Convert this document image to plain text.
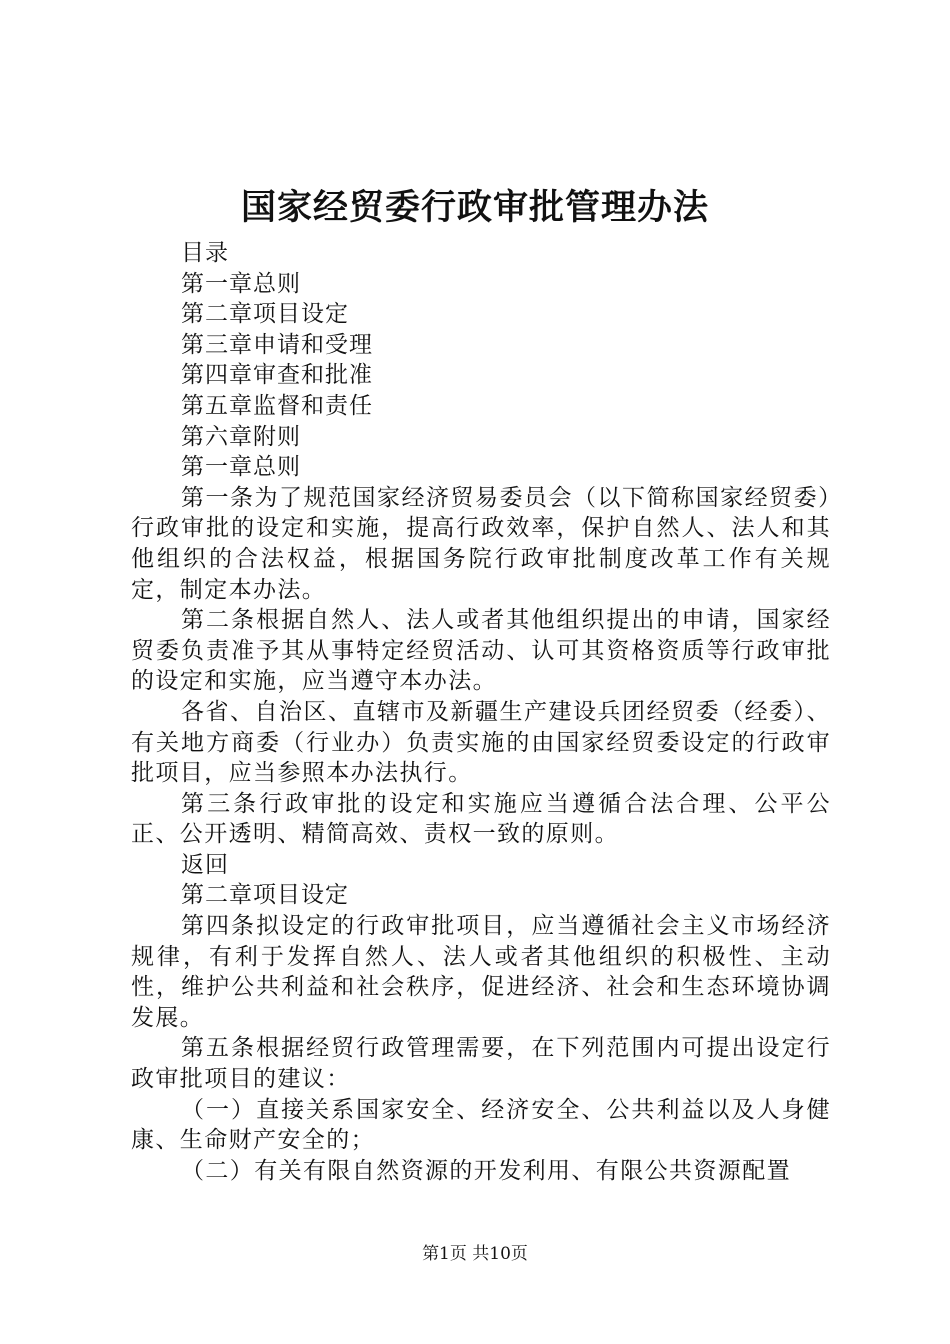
国家经贸委行政审批管理办法

目录

第一章总则

第二章项目设定

第三章申请和受理

第四章审查和批准

第五章监督和责任

第六章附则

第一章总则

第一条为了规范国家经济贸易委员会（以下简称国家经贸委）行政审批的设定和实施，提高行政效率，保护自然人、法人和其他组织的合法权益，根据国务院行政审批制度改革工作有关规定，制定本办法。

第二条根据自然人、法人或者其他组织提出的申请，国家经贸委负责准予其从事特定经贸活动、认可其资格资质等行政审批的设定和实施，应当遵守本办法。

各省、自治区、直辖市及新疆生产建设兵团经贸委（经委）、有关地方商委（行业办）负责实施的由国家经贸委设定的行政审批项目，应当参照本办法执行。

第三条行政审批的设定和实施应当遵循合法合理、公平公正、公开透明、精简高效、责权一致的原则。

返回

第二章项目设定

第四条拟设定的行政审批项目，应当遵循社会主义市场经济规律，有利于发挥自然人、法人或者其他组织的积极性、主动性，维护公共利益和社会秩序，促进经济、社会和生态环境协调发展。

第五条根据经贸行政管理需要，在下列范围内可提出设定行政审批项目的建议：

（一）直接关系国家安全、经济安全、公共利益以及人身健康、生命财产安全的；

（二）有关有限自然资源的开发利用、有限公共资源配置

第1页 共10页
